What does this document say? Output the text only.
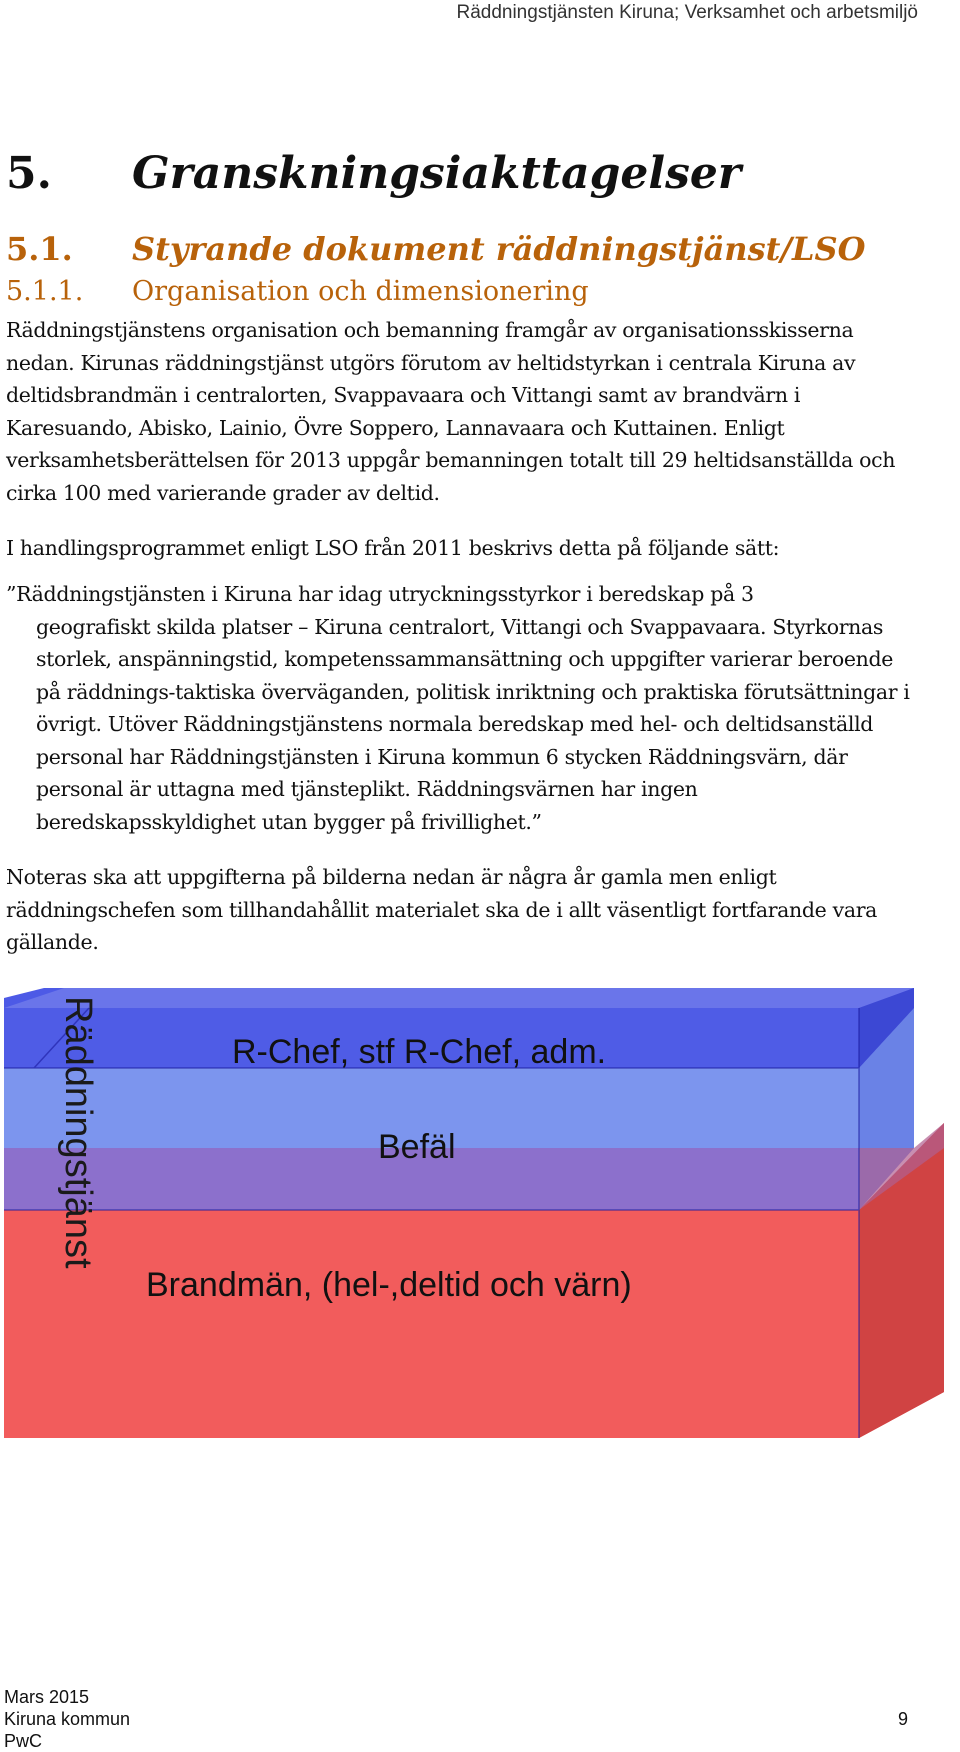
Räddningstjänsten Kiruna; Verksamhet och arbetsmiljö
5. Granskningsiakttagelser
5.1. Styrande dokument räddningstjänst/LSO
5.1.1. Organisation och dimensionering

Räddningstjänstens organisation och bemanning framgår av organisationsskisserna nedan. Kirunas räddningstjänst utgörs förutom av heltidstyrkan i centrala Kiruna av deltidsbrandmän i centralorten, Svappavaara och Vittangi samt av brandvärn i Karesuando, Abisko, Lainio, Övre Soppero, Lannavaara och Kuttainen. Enligt verksamhetsberättelsen för 2013 uppgår bemanningen totalt till 29 heltidsanställda och cirka 100 med varierande grader av deltid.

I handlingsprogrammet enligt LSO från 2011 beskrivs detta på följande sätt:

”Räddningstjänsten i Kiruna har idag utryckningsstyrkor i beredskap på 3
geografiskt skilda platser – Kiruna centralort, Vittangi och Svappavaara. Styrkornas storlek, anspänningstid, kompetenssammansättning och uppgifter varierar beroende på räddnings-taktiska överväganden, politisk inriktning och praktiska förutsättningar i övrigt. Utöver Räddningstjänstens normala beredskap med hel- och deltidsanställd personal har Räddningstjänsten i Kiruna kommun 6 stycken Räddningsvärn, där personal är uttagna med tjänsteplikt. Räddningsvärnen har ingen beredskapsskyldighet utan bygger på frivillighet.”

Noteras ska att uppgifterna på bilderna nedan är några år gamla men enligt räddningschefen som tillhandahållit materialet ska de i allt väsentligt fortfarande vara gällande.

Räddningstjänst	R-Chef, stf R-Chef, adm.
Befäl
Brandmän, (hel-,deltid och värn)
Mars 2015
Kiruna kommun
PwC
9
